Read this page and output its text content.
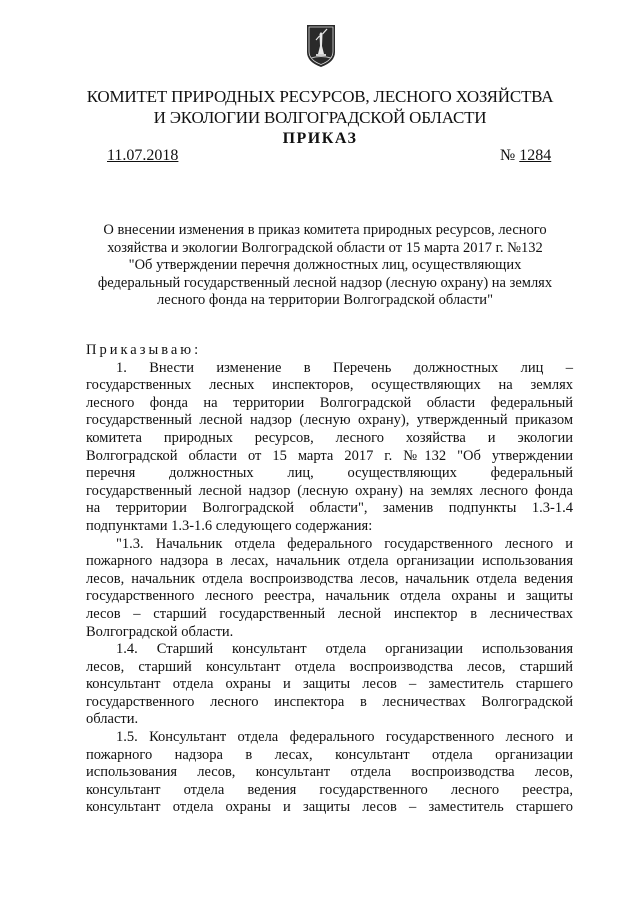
КОМИТЕТ ПРИРОДНЫХ РЕСУРСОВ, ЛЕСНОГО ХОЗЯЙСТВА
И ЭКОЛОГИИ ВОЛГОГРАДСКОЙ ОБЛАСТИ
ПРИКАЗ
11.07.2018	№ 1284
О внесении изменения в приказ комитета природных ресурсов, лесного
хозяйства и экологии Волгоградской области от 15 марта 2017 г. №132
"Об утверждении перечня должностных лиц, осуществляющих
федеральный государственный лесной надзор (лесную охрану) на землях
лесного фонда на территории Волгоградской области"
Приказываю:
1. Внести изменение в Перечень должностных лиц –
государственных лесных инспекторов, осуществляющих на землях
лесного фонда на территории Волгоградской области федеральный
государственный лесной надзор (лесную охрану), утвержденный приказом
комитета природных ресурсов, лесного хозяйства и экологии
Волгоградской области от 15 марта 2017 г. №132 "Об утверждении
перечня должностных лиц, осуществляющих федеральный
государственный лесной надзор (лесную охрану) на землях лесного фонда
на территории Волгоградской области", заменив подпункты 1.3-1.4
подпунктами 1.3-1.6 следующего содержания:
"1.3. Начальник отдела федерального государственного лесного и
пожарного надзора в лесах, начальник отдела организации использования
лесов, начальник отдела воспроизводства лесов, начальник отдела ведения
государственного лесного реестра, начальник отдела охраны и защиты
лесов – старший государственный лесной инспектор в лесничествах
Волгоградской области.
1.4. Старший консультант отдела организации использования
лесов, старший консультант отдела воспроизводства лесов, старший
консультант отдела охраны и защиты лесов – заместитель старшего
государственного лесного инспектора в лесничествах Волгоградской
области.
1.5. Консультант отдела федерального государственного лесного и
пожарного надзора в лесах, консультант отдела организации
использования лесов, консультант отдела воспроизводства лесов,
консультант отдела ведения государственного лесного реестра,
консультант отдела охраны и защиты лесов – заместитель старшего
